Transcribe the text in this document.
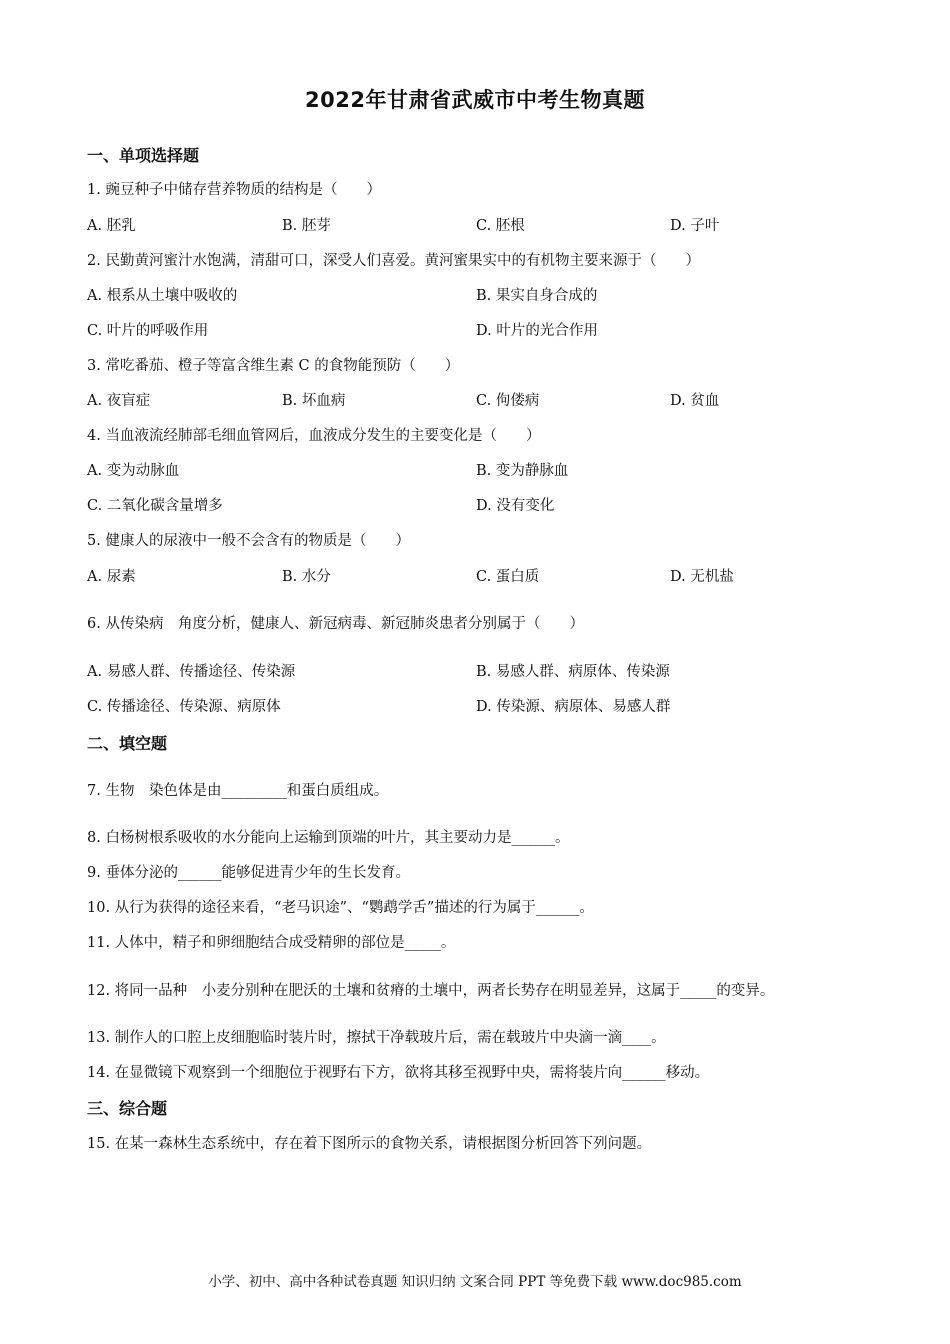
2022年甘肃省武威市中考生物真题
一、单项选择题
1. 豌豆种子中储存营养物质的结构是（　　）
A. 胚乳	B. 胚芽	C. 胚根	D. 子叶
2. 民勤黄河蜜汁水饱满，清甜可口，深受人们喜爱。黄河蜜果实中的有机物主要来源于（　　）
A. 根系从土壤中吸收的	B. 果实自身合成的
C. 叶片的呼吸作用	D. 叶片的光合作用
3. 常吃番茄、橙子等富含维生素 C 的食物能预防（　　）
A. 夜盲症	B. 坏血病	C. 佝偻病	D. 贫血
4. 当血液流经肺部毛细血管网后，血液成分发生的主要变化是（　　）
A. 变为动脉血	B. 变为静脉血
C. 二氧化碳含量增多	D. 没有变化
5. 健康人的尿液中一般不会含有的物质是（　　）
A. 尿素	B. 水分	C. 蛋白质	D. 无机盐
6. 从传染病　角度分析，健康人、新冠病毒、新冠肺炎患者分别属于（　　）
A. 易感人群、传播途径、传染源	B. 易感人群、病原体、传染源
C. 传播途径、传染源、病原体	D. 传染源、病原体、易感人群
二、填空题
7. 生物　染色体是由_________和蛋白质组成。
8. 白杨树根系吸收的水分能向上运输到顶端的叶片，其主要动力是______。
9. 垂体分泌的______能够促进青少年的生长发育。
10. 从行为获得的途径来看，“老马识途”、“鹦鹉学舌”描述的行为属于______。
11. 人体中，精子和卵细胞结合成受精卵的部位是_____。
12. 将同一品种　小麦分别种在肥沃的土壤和贫瘠的土壤中，两者长势存在明显差异，这属于_____的变异。
13. 制作人的口腔上皮细胞临时装片时，擦拭干净载玻片后，需在载玻片中央滴一滴____。
14. 在显微镜下观察到一个细胞位于视野右下方，欲将其移至视野中央，需将装片向______移动。
三、综合题
15. 在某一森林生态系统中，存在着下图所示的食物关系，请根据图分析回答下列问题。
小学、初中、高中各种试卷真题 知识归纳 文案合同 PPT 等免费下载 www.doc985.com
